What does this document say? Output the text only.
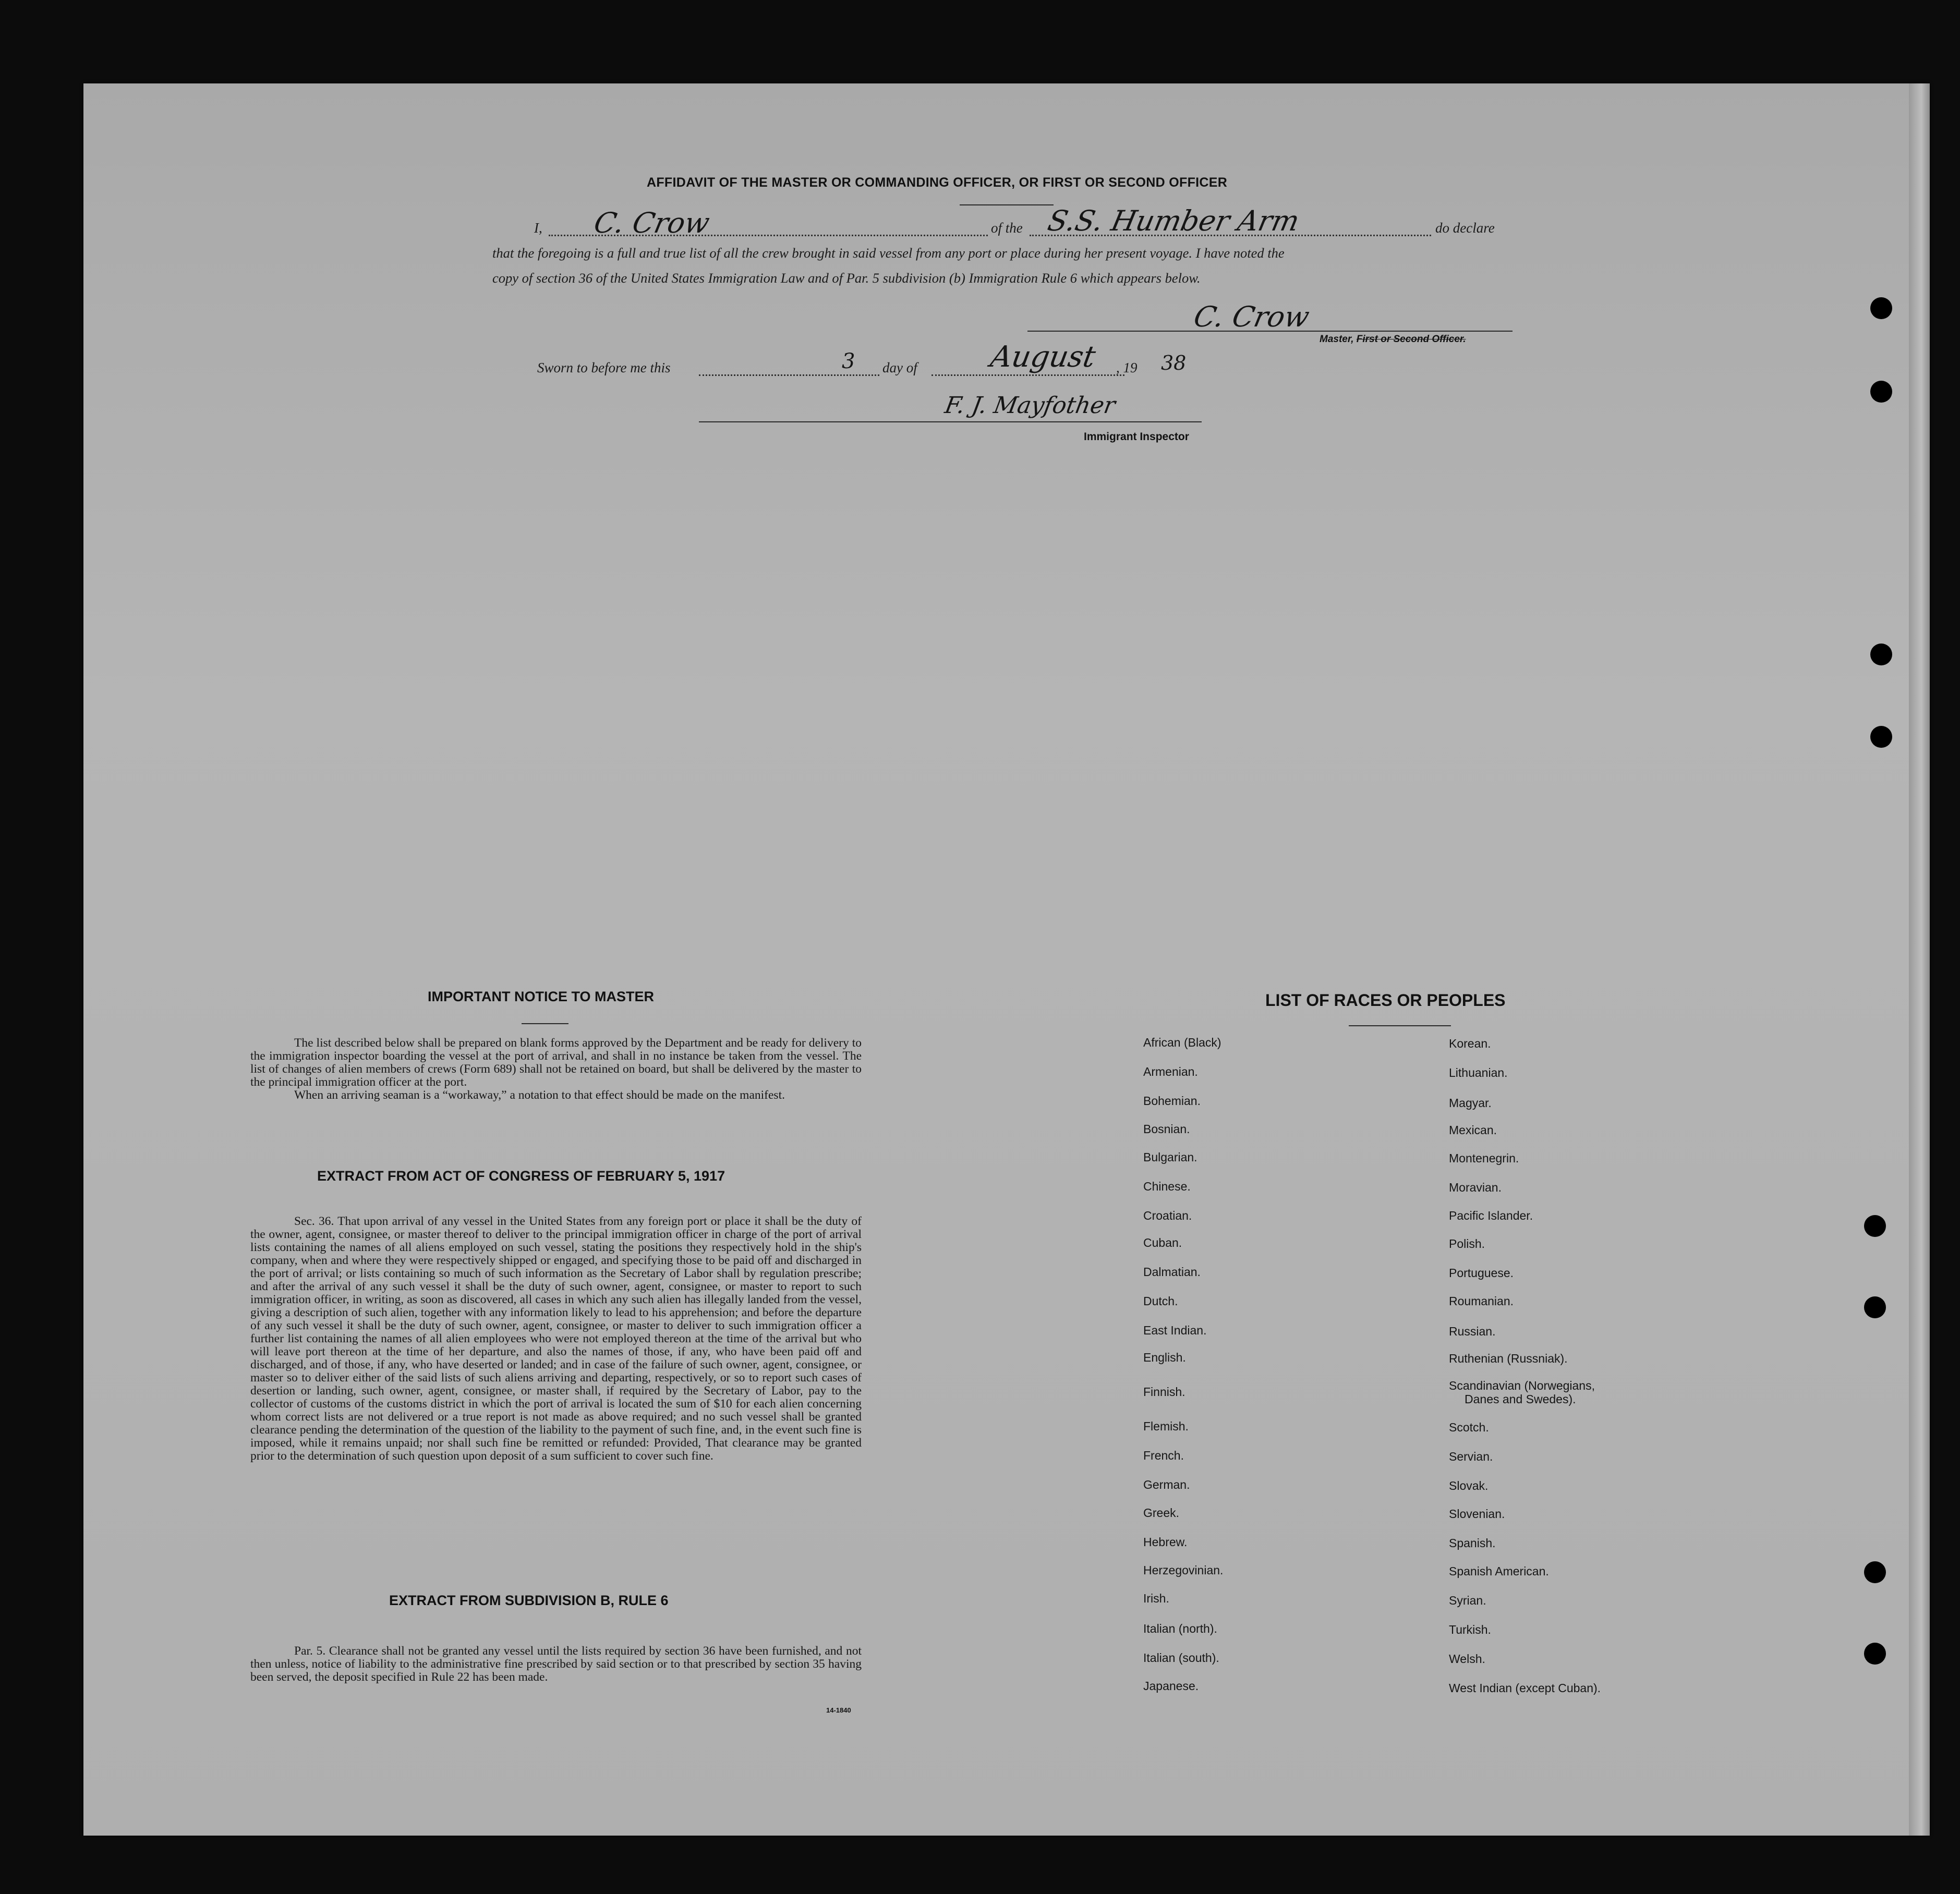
AFFIDAVIT OF THE MASTER OR COMMANDING OFFICER, OR FIRST OR SECOND OFFICER
I, C. Crow	of the S.S. Humber Arm	do declare
that the foregoing is a full and true list of all the crew brought in said vessel from any port or place during her present voyage. I have noted the
copy of section 36 of the United States Immigration Law and of Par. 5 subdivision (b) Immigration Rule 6 which appears below.
C. Crow
Master, First or Second Officer.
Sworn to before me this	3 day of August , 19 38
F. J. Mayfother
Immigrant Inspector
IMPORTANT NOTICE TO MASTER
The list described below shall be prepared on blank forms approved by the Department and be ready for delivery to the immigration inspector boarding the vessel at the port of arrival, and shall in no instance be taken from the vessel. The list of changes of alien members of crews (Form 689) shall not be retained on board, but shall be delivered by the master to the principal immigration officer at the port.
When an arriving seaman is a “workaway,” a notation to that effect should be made on the manifest.
EXTRACT FROM ACT OF CONGRESS OF FEBRUARY 5, 1917
Sec. 36. That upon arrival of any vessel in the United States from any foreign port or place it shall be the duty of the owner, agent, consignee, or master thereof to deliver to the principal immigration officer in charge of the port of arrival lists containing the names of all aliens employed on such vessel, stating the positions they respectively hold in the ship's company, when and where they were respectively shipped or engaged, and specifying those to be paid off and discharged in the port of arrival; or lists containing so much of such information as the Secretary of Labor shall by regulation prescribe; and after the arrival of any such vessel it shall be the duty of such owner, agent, consignee, or master to report to such immigration officer, in writing, as soon as discovered, all cases in which any such alien has illegally landed from the vessel, giving a description of such alien, together with any information likely to lead to his apprehension; and before the departure of any such vessel it shall be the duty of such owner, agent, consignee, or master to deliver to such immigration officer a further list containing the names of all alien employees who were not employed thereon at the time of the arrival but who will leave port thereon at the time of her departure, and also the names of those, if any, who have been paid off and discharged, and of those, if any, who have deserted or landed; and in case of the failure of such owner, agent, consignee, or master so to deliver either of the said lists of such aliens arriving and departing, respectively, or so to report such cases of desertion or landing, such owner, agent, consignee, or master shall, if required by the Secretary of Labor, pay to the collector of customs of the customs district in which the port of arrival is located the sum of $10 for each alien concerning whom correct lists are not delivered or a true report is not made as above required; and no such vessel shall be granted clearance pending the determination of the question of the liability to the payment of such fine, and, in the event such fine is imposed, while it remains unpaid; nor shall such fine be remitted or refunded: Provided, That clearance may be granted prior to the determination of such question upon deposit of a sum sufficient to cover such fine.
EXTRACT FROM SUBDIVISION B, RULE 6
Par. 5. Clearance shall not be granted any vessel until the lists required by section 36 have been furnished, and not then unless, notice of liability to the administrative fine prescribed by said section or to that prescribed by section 35 having been served, the deposit specified in Rule 22 has been made.
14-1840
LIST OF RACES OR PEOPLES
African (Black)
Armenian.
Bohemian.
Bosnian.
Bulgarian.
Chinese.
Croatian.
Cuban.
Dalmatian.
Dutch.
East Indian.
English.
Finnish.
Flemish.
French.
German.
Greek.
Hebrew.
Herzegovinian.
Irish.
Italian (north).
Italian (south).
Japanese.
Korean.
Lithuanian.
Magyar.
Mexican.
Montenegrin.
Moravian.
Pacific Islander.
Polish.
Portuguese.
Roumanian.
Russian.
Ruthenian (Russniak).
Scandinavian (Norwegians,
Danes and Swedes).
Scotch.
Servian.
Slovak.
Slovenian.
Spanish.
Spanish American.
Syrian.
Turkish.
Welsh.
West Indian (except Cuban).
